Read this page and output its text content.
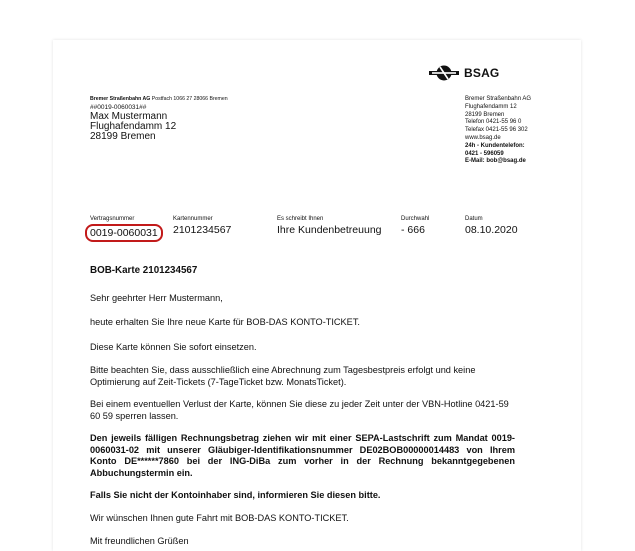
BSAG
Bremer Straßenbahn AG Postfach 1066 27 28066 Bremen
##0019-0060031##
Max Mustermann
Flughafendamm 12
28199 Bremen
Bremer Straßenbahn AG
Flughafendamm 12
28199 Bremen
Telefon 0421-55 96 0
Telefax 0421-55 96 302
www.bsag.de
24h - Kundentelefon:
0421 - 596059
E-Mail: bob@bsag.de
Vertragsnummer
0019-0060031
Kartennummer
2101234567
Es schreibt Ihnen
Ihre Kundenbetreuung
Durchwahl
- 666
Datum
08.10.2020
BOB-Karte 2101234567
Sehr geehrter Herr Mustermann,
heute erhalten Sie Ihre neue Karte für BOB-DAS KONTO-TICKET.
Diese Karte können Sie sofort einsetzen.
Bitte beachten Sie, dass ausschließlich eine Abrechnung zum Tagesbestpreis erfolgt und keine Optimierung auf Zeit-Tickets (7-TageTicket bzw. MonatsTicket).
Bei einem eventuellen Verlust der Karte, können Sie diese zu jeder Zeit unter der VBN-Hotline 0421-59 60 59 sperren lassen.
Den jeweils fälligen Rechnungsbetrag ziehen wir mit einer SEPA-Lastschrift zum Mandat 0019-0060031-02 mit unserer Gläubiger-Identifikationsnummer DE02BOB00000014483 von Ihrem Konto DE******7860 bei der ING-DiBa zum vorher in der Rechnung bekanntgegebenen Abbuchungstermin ein.
Falls Sie nicht der Kontoinhaber sind, informieren Sie diesen bitte.
Wir wünschen Ihnen gute Fahrt mit BOB-DAS KONTO-TICKET.
Mit freundlichen Grüßen
